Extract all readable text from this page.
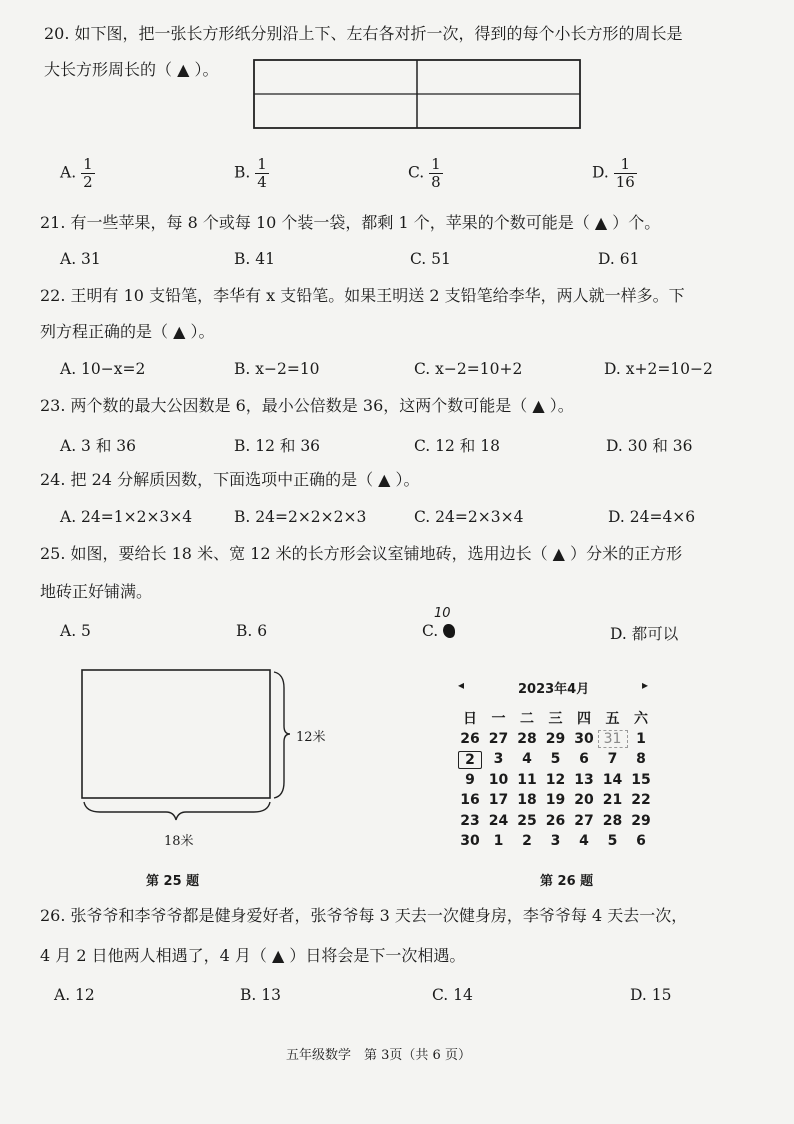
20. 如下图，把一张长方形纸分别沿上下、左右各对折一次，得到的每个小长方形的周长是
大长方形周长的（ ▲ ）。
A. $\frac{1}{2}$	B. $\frac{1}{4}$	C. $\frac{1}{8}$	D. $\frac{1}{16}$
21. 有一些苹果，每 8 个或每 10 个装一袋，都剩 1 个，苹果的个数可能是（ ▲ ）个。
A. 31	B. 41	C. 51	D. 61
22. 王明有 10 支铅笔，李华有 x 支铅笔。如果王明送 2 支铅笔给李华，两人就一样多。下
列方程正确的是（ ▲ ）。
A. 10−x=2	B. x−2=10	C. x−2=10+2	D. x+2=10−2
23. 两个数的最大公因数是 6，最小公倍数是 36，这两个数可能是（ ▲ ）。
A. 3 和 36	B. 12 和 36	C. 12 和 18	D. 30 和 36
24. 把 24 分解质因数，下面选项中正确的是（ ▲ ）。
A. 24=1×2×3×4	B. 24=2×2×2×3	C. 24=2×3×4	D. 24=4×6
25. 如图，要给长 18 米、宽 12 米的长方形会议室铺地砖，选用边长（ ▲ ）分米的正方形
地砖正好铺满。
A. 5	B. 6	C.
10
D. 都可以
12米
18米
第 25 题
◂	2023年4月	▸
日	一	二	三	四	五	六
26 27 28 29 30 31	1
2	3	4	5	6	7	8
9 10 11 12 13 14 15
16 17 18 19 20 21 22
23 24 25 26 27 28 29
30 1	2	3	4	5	6
第 26 题
26. 张爷爷和李爷爷都是健身爱好者，张爷爷每 3 天去一次健身房，李爷爷每 4 天去一次，
4 月 2 日他两人相遇了，4 月（ ▲ ）日将会是下一次相遇。
A. 12	B. 13	C. 14	D. 15
五年级数学　第 3页（共 6 页）
